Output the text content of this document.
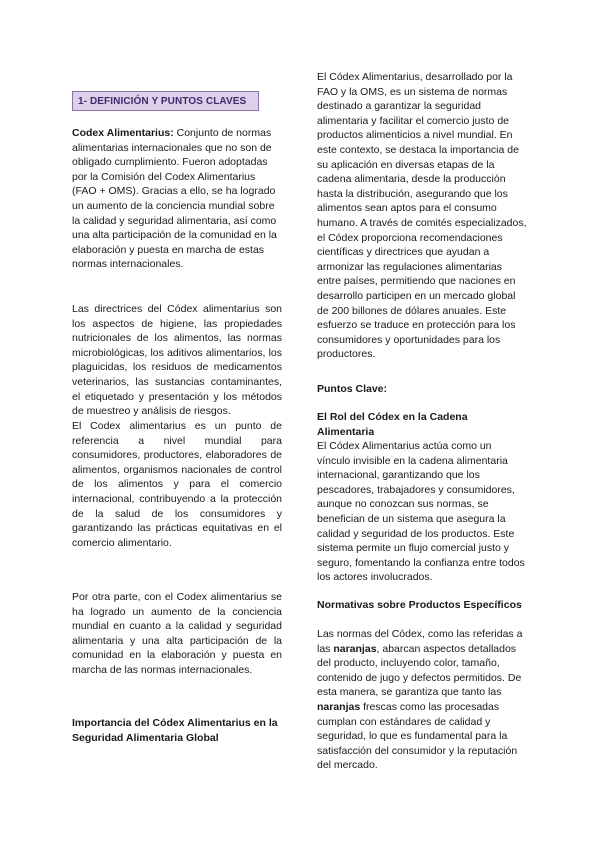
1- DEFINICIÓN Y PUNTOS CLAVES

Codex Alimentarius: Conjunto de normas alimentarias internacionales que no son de obligado cumplimiento. Fueron adoptadas por la Comisión del Codex Alimentarius (FAO + OMS). Gracias a ello, se ha logrado un aumento de la conciencia mundial sobre la calidad y seguridad alimentaria, así como una alta participación de la comunidad en la elaboración y puesta en marcha de estas normas internacionales.

Las directrices del Códex alimentarius son los aspectos de higiene, las propiedades nutricionales de los alimentos, las normas microbiológicas, los aditivos alimentarios, los plaguicidas, los residuos de medicamentos veterinarios, las sustancias contaminantes, el etiquetado y presentación y los métodos de muestreo y análisis de riesgos.

El Codex alimentarius es un punto de referencia a nivel mundial para consumidores, productores, elaboradores de alimentos, organismos nacionales de control de los alimentos y para el comercio internacional, contribuyendo a la protección de la salud de los consumidores y garantizando las prácticas equitativas en el comercio alimentario.

Por otra parte, con el Codex alimentarius se ha logrado un aumento de la conciencia mundial en cuanto a la calidad y seguridad alimentaria y una alta participación de la comunidad en la elaboración y puesta en marcha de las normas internacionales.

Importancia del Códex Alimentarius en la Seguridad Alimentaria Global

El Códex Alimentarius, desarrollado por la FAO y la OMS, es un sistema de normas destinado a garantizar la seguridad alimentaria y facilitar el comercio justo de productos alimenticios a nivel mundial. En este contexto, se destaca la importancia de su aplicación en diversas etapas de la cadena alimentaria, desde la producción hasta la distribución, asegurando que los alimentos sean aptos para el consumo humano. A través de comités especializados, el Códex proporciona recomendaciones científicas y directrices que ayudan a armonizar las regulaciones alimentarias entre países, permitiendo que naciones en desarrollo participen en un mercado global de 200 billones de dólares anuales. Este esfuerzo se traduce en protección para los consumidores y oportunidades para los productores.

Puntos Clave:

El Rol del Códex en la Cadena Alimentaria

El Códex Alimentarius actúa como un vínculo invisible en la cadena alimentaria internacional, garantizando que los pescadores, trabajadores y consumidores, aunque no conozcan sus normas, se benefician de un sistema que asegura la calidad y seguridad de los productos. Este sistema permite un flujo comercial justo y seguro, fomentando la confianza entre todos los actores involucrados.

Normativas sobre Productos Específicos

Las normas del Códex, como las referidas a las naranjas, abarcan aspectos detallados del producto, incluyendo color, tamaño, contenido de jugo y defectos permitidos. De esta manera, se garantiza que tanto las naranjas frescas como las procesadas cumplan con estándares de calidad y seguridad, lo que es fundamental para la satisfacción del consumidor y la reputación del mercado.
